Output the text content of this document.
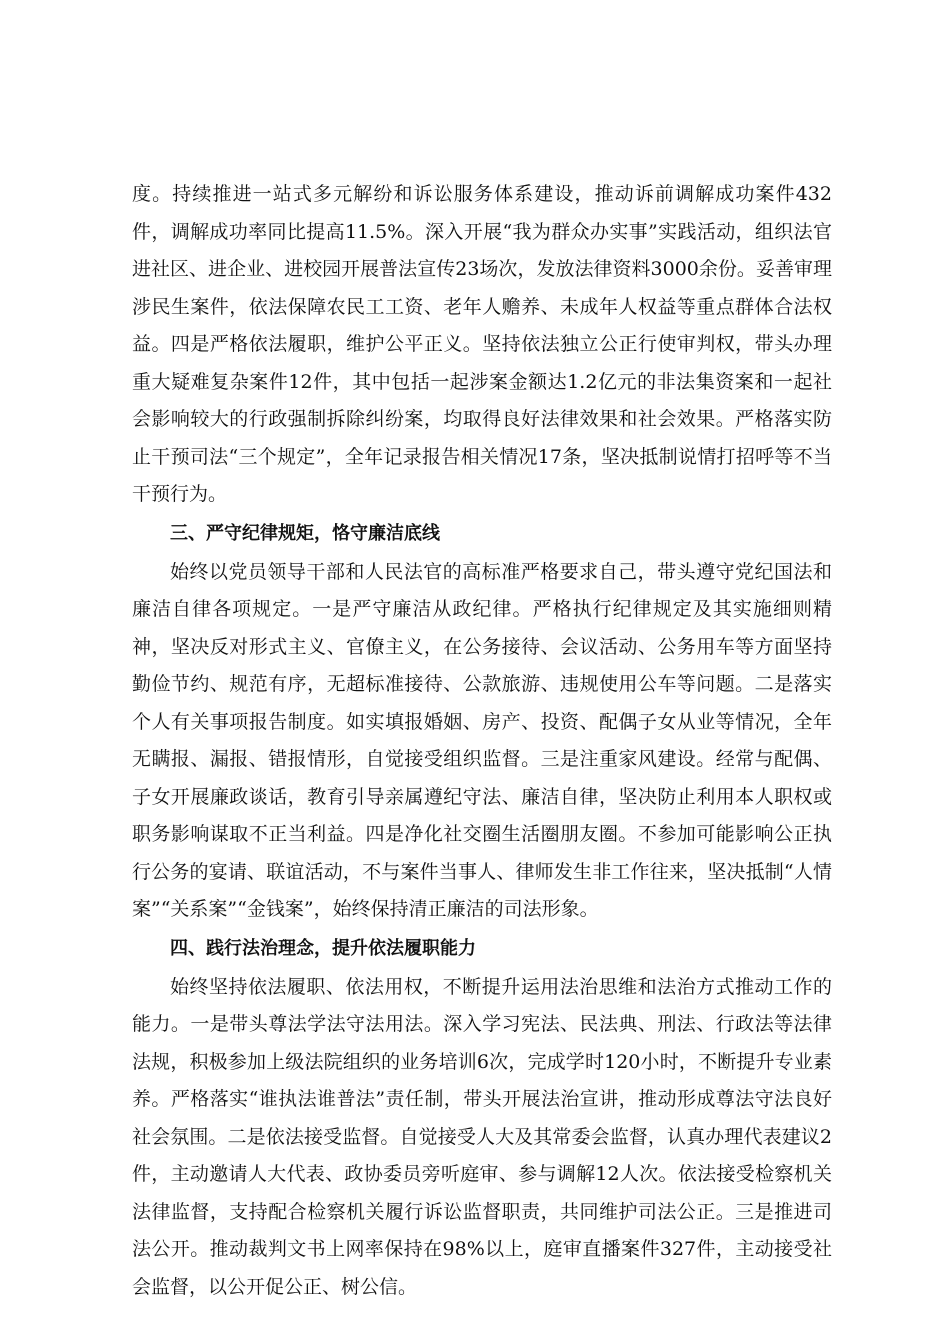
度。持续推进一站式多元解纷和诉讼服务体系建设，推动诉前调解成功案件432件，调解成功率同比提高11.5%。深入开展“我为群众办实事”实践活动，组织法官进社区、进企业、进校园开展普法宣传23场次，发放法律资料3000余份。妥善审理涉民生案件，依法保障农民工工资、老年人赡养、未成年人权益等重点群体合法权益。四是严格依法履职，维护公平正义。坚持依法独立公正行使审判权，带头办理重大疑难复杂案件12件，其中包括一起涉案金额达1.2亿元的非法集资案和一起社会影响较大的行政强制拆除纠纷案，均取得良好法律效果和社会效果。严格落实防止干预司法“三个规定”，全年记录报告相关情况17条，坚决抵制说情打招呼等不当干预行为。

三、严守纪律规矩，恪守廉洁底线

始终以党员领导干部和人民法官的高标准严格要求自己，带头遵守党纪国法和廉洁自律各项规定。一是严守廉洁从政纪律。严格执行纪律规定及其实施细则精神，坚决反对形式主义、官僚主义，在公务接待、会议活动、公务用车等方面坚持勤俭节约、规范有序，无超标准接待、公款旅游、违规使用公车等问题。二是落实个人有关事项报告制度。如实填报婚姻、房产、投资、配偶子女从业等情况，全年无瞒报、漏报、错报情形，自觉接受组织监督。三是注重家风建设。经常与配偶、子女开展廉政谈话，教育引导亲属遵纪守法、廉洁自律，坚决防止利用本人职权或职务影响谋取不正当利益。四是净化社交圈生活圈朋友圈。不参加可能影响公正执行公务的宴请、联谊活动，不与案件当事人、律师发生非工作往来，坚决抵制“人情案”“关系案”“金钱案”，始终保持清正廉洁的司法形象。

四、践行法治理念，提升依法履职能力

始终坚持依法履职、依法用权，不断提升运用法治思维和法治方式推动工作的能力。一是带头尊法学法守法用法。深入学习宪法、民法典、刑法、行政法等法律法规，积极参加上级法院组织的业务培训6次，完成学时120小时，不断提升专业素养。严格落实“谁执法谁普法”责任制，带头开展法治宣讲，推动形成尊法守法良好社会氛围。二是依法接受监督。自觉接受人大及其常委会监督，认真办理代表建议2件，主动邀请人大代表、政协委员旁听庭审、参与调解12人次。依法接受检察机关法律监督，支持配合检察机关履行诉讼监督职责，共同维护司法公正。三是推进司法公开。推动裁判文书上网率保持在98%以上，庭审直播案件327件，主动接受社会监督，以公开促公正、树公信。
